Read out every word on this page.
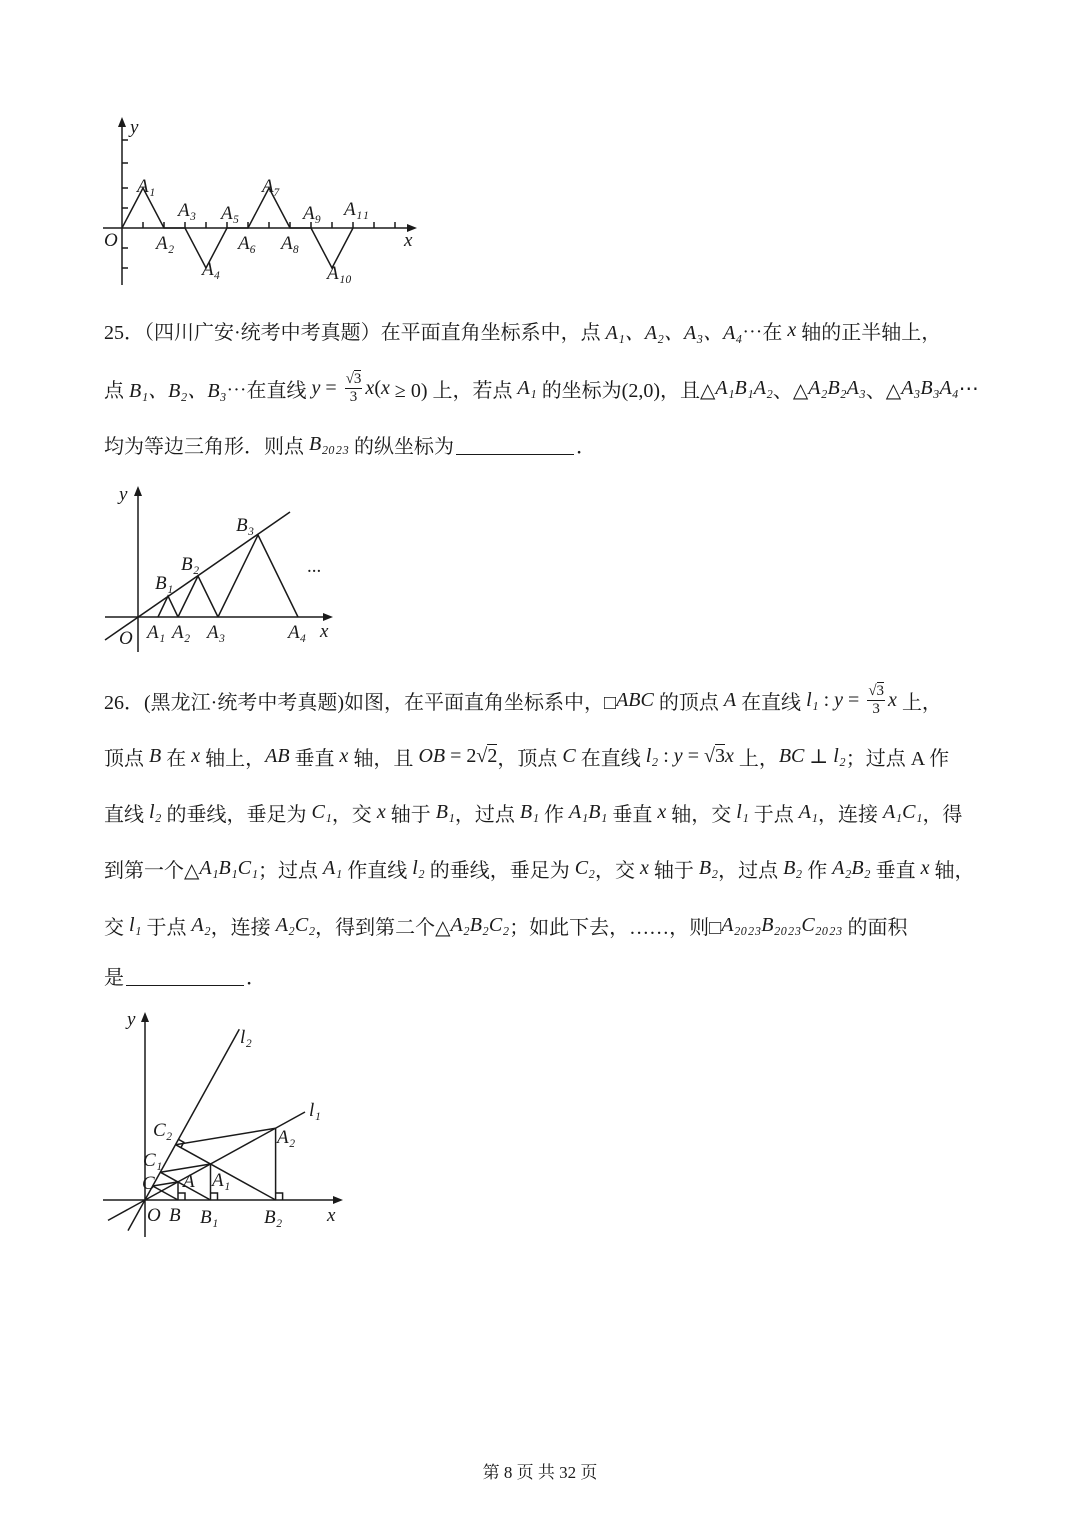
y
x
O
A₁
A₂
A₃
A₄
A₅
A₆
A₇
A₈
A₉
A₁₀
A₁₁
y
x
O
B₁
B₂
B₃
...
A₁ A₂ A₃	A₄
y
x
O
l₂
l₁
C₂	A₂
C₁
C A A₁
B B₁ B₂
25．（四川广安·统考中考真题）在平面直角坐标系中，点 A₁、A₂、A₃、A₄ ⋯在 x 轴的正半轴上，
点 B₁、B₂、B₃ ⋯在直线 $y = \frac{√3}{3}$ x ( x ≥ 0) 上，若点 A₁ 的坐标为(2,0)，且△ A₁B₁A₂ 、△ A₂B₂A₃ 、△ A₃B₃A₄ ⋯
均为等边三角形．则点 B₂₀₂₃ 的纵坐标为	．
26．(黑龙江·统考中考真题)如图，在平面直角坐标系中，□ ABC 的顶点 A 在直线 l₁ : $y = \frac{√3}{3}$ x 上，
顶点 B 在 x 轴上， AB 垂直 x 轴，且 OB = 2 √ 2 ，顶点 C 在直线 l₂ : y = √ 3 x 上， BC ⊥ l₂ ；过点 A 作
直线 l₂ 的垂线，垂足为 C₁ ，交 x 轴于 B₁ ，过点 B₁ 作 A₁B₁ 垂直 x 轴，交 l₁ 于点 A₁ ，连接 A₁C₁ ，得
到第一个△ A₁B₁C₁ ；过点 A₁ 作直线 l₂ 的垂线，垂足为 C₂ ，交 x 轴于 B₂ ，过点 B₂ 作 A₂B₂ 垂直 x 轴，
交 l₁ 于点 A₂ ，连接 A₂C₂ ，得到第二个△ A₂B₂C₂ ；如此下去，……，则□ A₂₀₂₃B₂₀₂₃C₂₀₂₃ 的面积
是	．
第 8 页 共 32 页
